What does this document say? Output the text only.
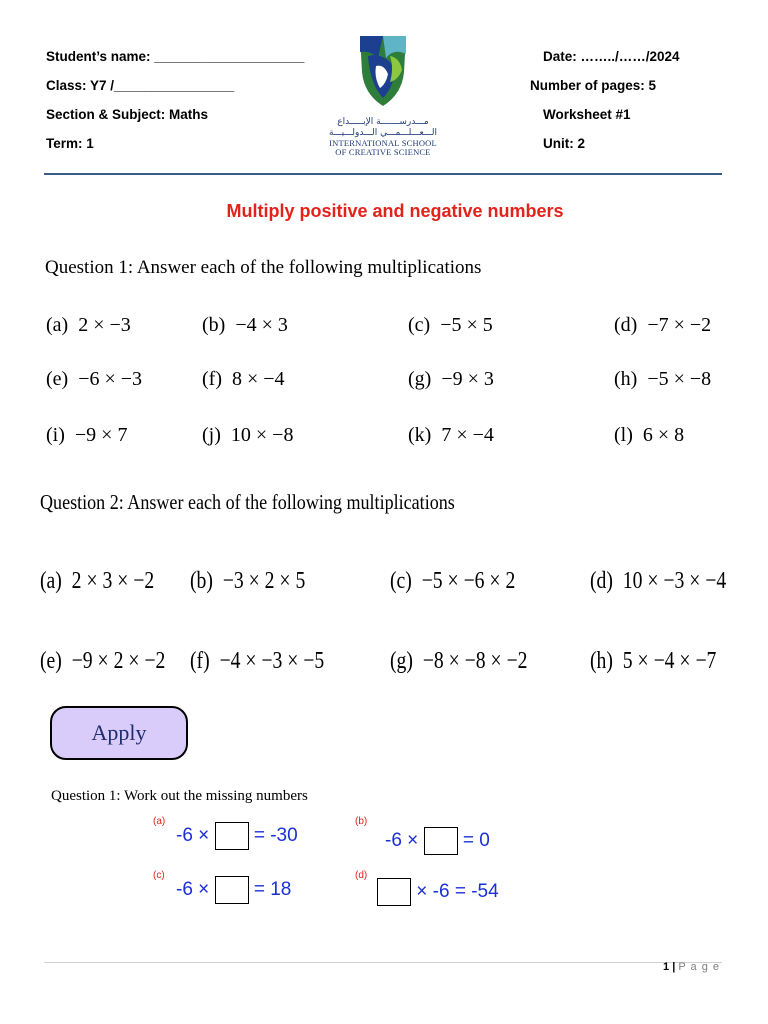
Student’s name: ____________________
Class: Y7 /________________
Section & Subject: Maths
Term: 1
Date: ……../……/2024
Number of pages: 5
Worksheet #1
Unit: 2
مـــدرســـــــة الإبـــــداع
الـــعـــلـــمـــي الـــدولـــيـــة
INTERNATIONAL SCHOOL
OF CREATIVE SCIENCE
Multiply positive and negative numbers
Question 1: Answer each of the following multiplications
(a) 2 × −3	(b) −4 × 3	(c) −5 × 5	(d) −7 × −2
(e) −6 × −3	(f) 8 × −4	(g) −9 × 3	(h) −5 × −8
(i) −9 × 7	(j) 10 × −8	(k) 7 × −4	(l) 6 × 8
Question 2: Answer each of the following multiplications
(a) 2 × 3 × −2 (b) −3 × 2 × 5	(c) −5 × −6 × 2	(d) 10 × −3 × −4
(e) −9 × 2 × −2 (f) −4 × −3 × −5	(g) −8 × −8 × −2	(h) 5 × −4 × −7
Apply
Question 1: Work out the missing numbers
(a)
-6 × = -30
(b)
-6 × = 0
(c)
-6 × = 18
(d)
× -6 = -54
1 | P a g e
